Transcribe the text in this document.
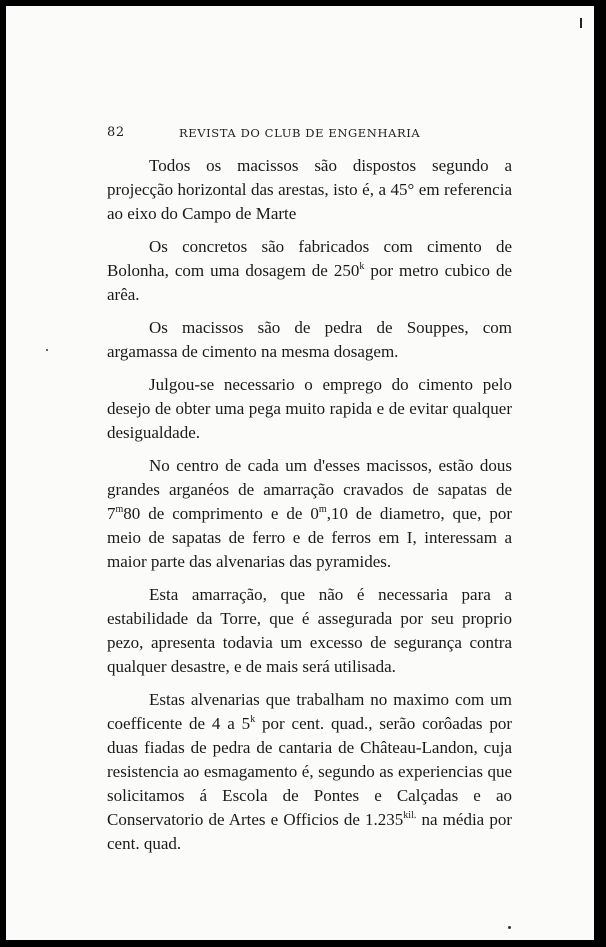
82	REVISTA DO CLUB DE ENGENHARIA

Todos os macissos são dispostos segundo a projecção horizontal das arestas, isto é, a 45° em referencia ao eixo do Campo de Marte

Os concretos são fabricados com cimento de Bolonha, com uma dosagem de 250$^k$ por metro cubico de arêa.

Os macissos são de pedra de Souppes, com argamassa de cimento na mesma dosagem.

Julgou-se necessario o emprego do cimento pelo desejo de obter uma pega muito rapida e de evitar qualquer desigualdade.

No centro de cada um d'esses macissos, estão dous grandes arganéos de amarração cravados de sapatas de 7$^m$80 de comprimento e de 0$^m$,10 de diametro, que, por meio de sapatas de ferro e de ferros em I, interessam a maior parte das alvenarias das pyramides.

Esta amarração, que não é necessaria para a estabilidade da Torre, que é assegurada por seu proprio pezo, apresenta todavia um excesso de segurança contra qualquer desastre, e de mais será utilisada.

Estas alvenarias que trabalham no maximo com um coefficente de 4 a 5$^k$ por cent. quad., serão corôadas por duas fiadas de pedra de cantaria de Château-Landon, cuja resistencia ao esmagamento é, segundo as experiencias que solicitamos á Escola de Pontes e Calçadas e ao Conservatorio de Artes e Officios de $1.235^{kil.}$ na média por cent. quad.
